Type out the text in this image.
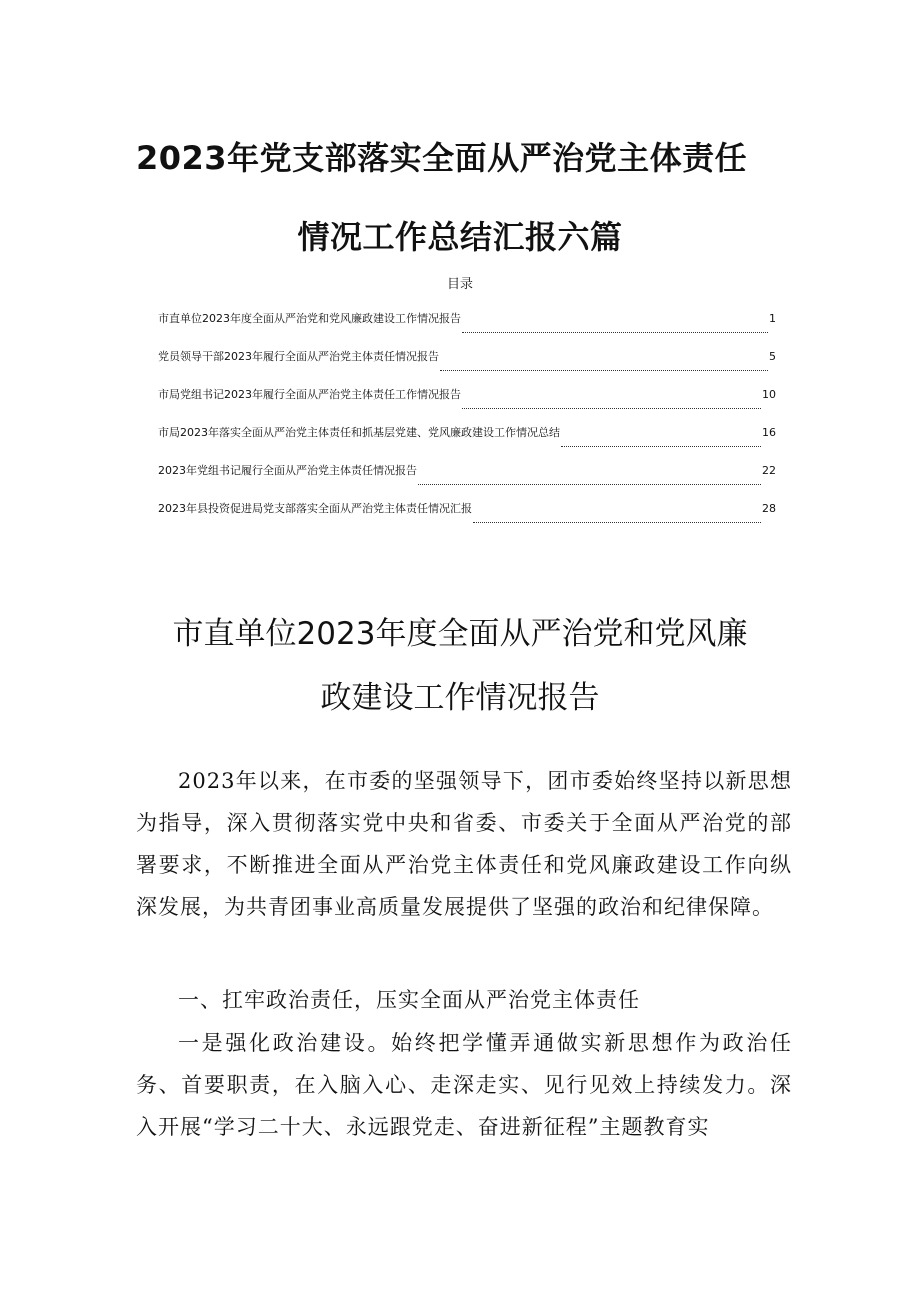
2023年党支部落实全面从严治党主体责任
情况工作总结汇报六篇
目录
市直单位2023年度全面从严治党和党风廉政建设工作情况报告	1
党员领导干部2023年履行全面从严治党主体责任情况报告	5
市局党组书记2023年履行全面从严治党主体责任工作情况报告	10
市局2023年落实全面从严治党主体责任和抓基层党建、党风廉政建设工作情况总结	16
2023年党组书记履行全面从严治党主体责任情况报告	22
2023年县投资促进局党支部落实全面从严治党主体责任情况汇报	28
市直单位2023年度全面从严治党和党风廉
政建设工作情况报告
2023年以来，在市委的坚强领导下，团市委始终坚持以新思想为指导，深入贯彻落实党中央和省委、市委关于全面从严治党的部署要求，不断推进全面从严治党主体责任和党风廉政建设工作向纵深发展，为共青团事业高质量发展提供了坚强的政治和纪律保障。
一、扛牢政治责任，压实全面从严治党主体责任
一是强化政治建设。始终把学懂弄通做实新思想作为政治任务、首要职责，在入脑入心、走深走实、见行见效上持续发力。深入开展“学习二十大、永远跟党走、奋进新征程”主题教育实
